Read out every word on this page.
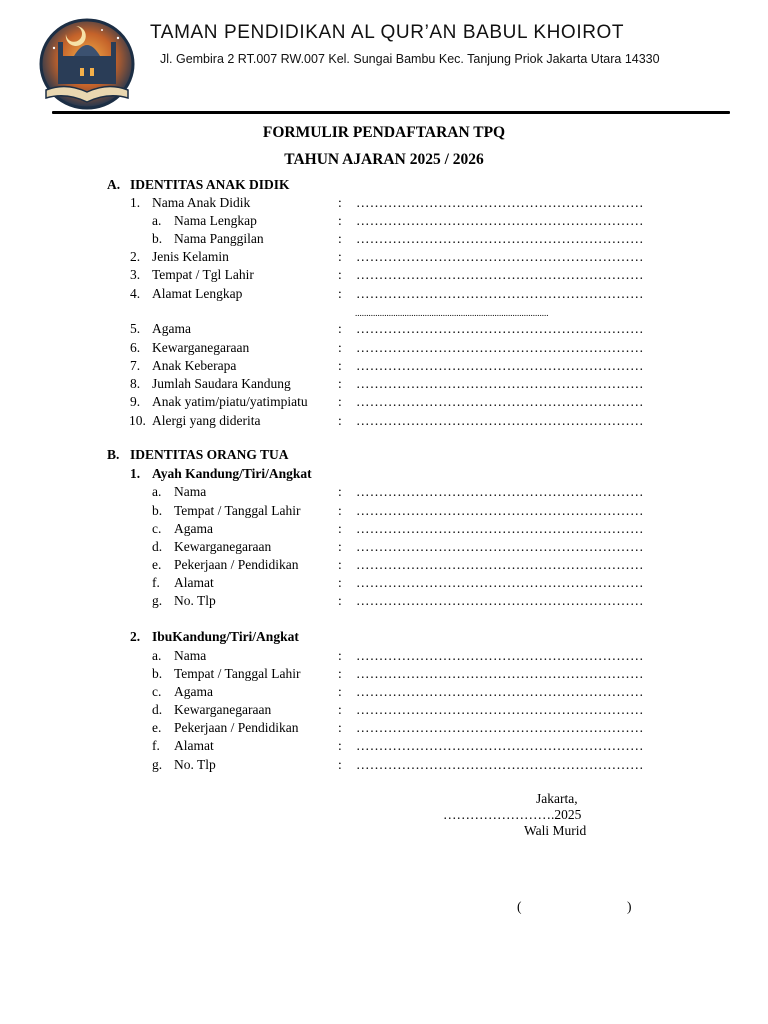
TAMAN PENDIDIKAN AL QUR’AN BABUL KHOIROT
Jl. Gembira 2 RT.007 RW.007 Kel. Sungai Bambu Kec. Tanjung Priok Jakarta Utara 14330
FORMULIR PENDAFTARAN TPQ
TAHUN AJARAN 2025 / 2026
A. IDENTITAS ANAK DIDIK
1. Nama Anak Didik	: ………………………………………………………
a. Nama Lengkap	: ………………………………………………………
b. Nama Panggilan	: ………………………………………………………
2. Jenis Kelamin	: ………………………………………………………
3. Tempat / Tgl Lahir	: ………………………………………………………
4. Alamat Lengkap	: ………………………………………………………
5. Agama	: ………………………………………………………
6. Kewarganegaraan	: ………………………………………………………
7. Anak Keberapa	: ………………………………………………………
8. Jumlah Saudara Kandung	: ………………………………………………………
9. Anak yatim/piatu/yatimpiatu : ………………………………………………………
10. Alergi yang diderita	: ………………………………………………………
......................................................................................
B. IDENTITAS ORANG TUA
1. Ayah Kandung/Tiri/Angkat
a. Nama	: ………………………………………………………
b. Tempat / Tanggal Lahir	: ………………………………………………………
c. Agama	: ………………………………………………………
d. Kewarganegaraan	: ………………………………………………………
e. Pekerjaan / Pendidikan	: ………………………………………………………
f. Alamat	: ………………………………………………………
g. No. Tlp	: ………………………………………………………
2. IbuKandung/Tiri/Angkat
a. Nama	: ………………………………………………………
b. Tempat / Tanggal Lahir	: ………………………………………………………
c. Agama	: ………………………………………………………
d. Kewarganegaraan	: ………………………………………………………
e. Pekerjaan / Pendidikan	: ………………………………………………………
f. Alamat	: ………………………………………………………
g. No. Tlp	: ………………………………………………………
Jakarta,
…………………….2025
Wali Murid
(	)
